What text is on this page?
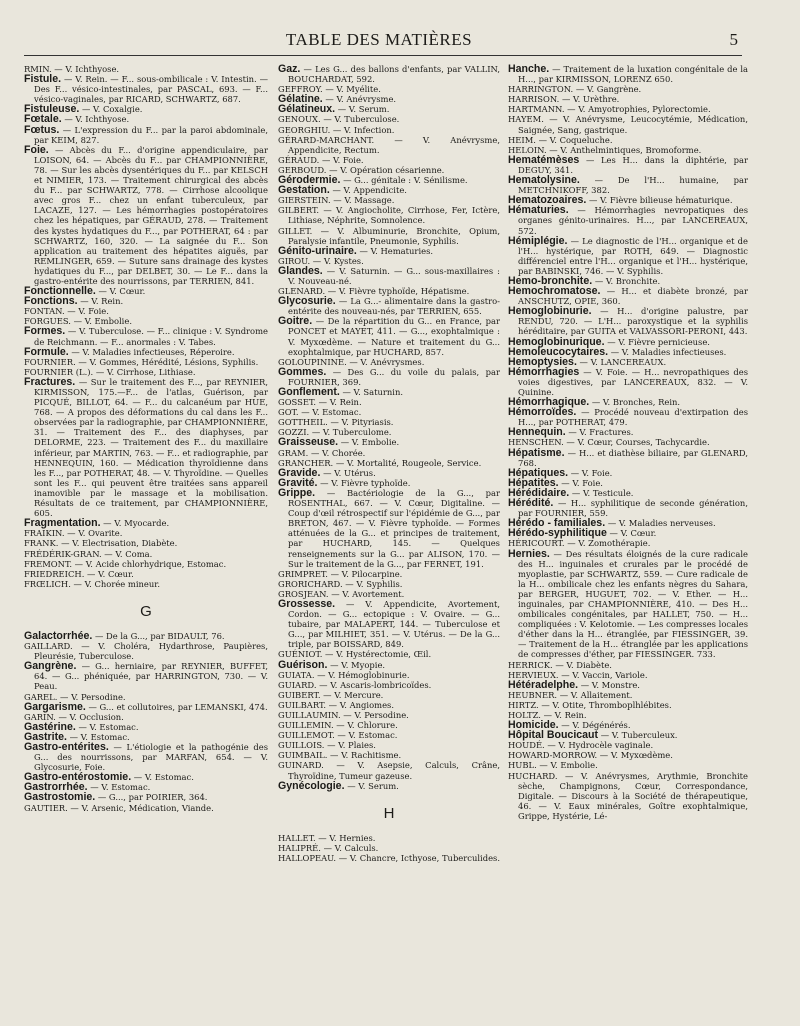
TABLE DES MATIÈRES	5

RMIN. — V. Ichthyose.

Fistule. — V. Rein. — F... sous-ombilicale : V. Intestin. — Des F... vésico-intestinales, par PASCAL, 693. — F... vésico-vaginales, par RICARD, SCHWARTZ, 687.

Fistuleuse. — V. Coxalgie.

Fœtale. — V. Ichthyose.

Fœtus. — L'expression du F... par la paroi abdominale, par KEIM, 827.

Foie. — Abcès du F... d'origine appendiculaire, par LOISON, 64. — Abcès du F... par CHAMPIONNIÈRE, 78. — Sur les abcès dysentériques du F... par KELSCH et NIMIER, 173. — Traitement chirurgical des abcès du F... par SCHWARTZ, 778. — Cirrhose alcoolique avec gros F... chez un enfant tuberculeux, par LACAZE, 127. — Les hémorrhagies postopératoires chez les hépatiques, par GÉRAUD, 278. — Traitement des kystes hydatiques du F..., par POTHERAT, 64 : par SCHWARTZ, 160, 320. — La saignée du F... Son application au traitement des hépatites aiguës, par REMLINGER, 659. — Suture sans drainage des kystes hydatiques du F..., par DELBET, 30. — Le F... dans la gastro-entérite des nourrissons, par TERRIEN, 841.

Fonctionnelle. — V. Cœur.

Fonctions. — V. Rein.

FONTAN. — V. Foie.

FORGUES. — V. Embolie.

Formes. — V. Tuberculose. — F... clinique : V. Syndrome de Reichmann. — F... anormales : V. Tabes.

Formule. — V. Maladies infectieuses, Réperoire.

FOURNIER. — V. Gommes, Hérédité, Lésions, Syphilis.

FOURNIER (L.). — V. Cirrhose, Lithiase.

Fractures. — Sur le traitement des F..., par REYNIER, KIRMISSON, 175.—F... de l'atlas, Guérison, par PICQUÉ, BILLOT, 64. — F... du calcanéum par HUE, 768. — A propos des déformations du cal dans les F... observées par la radiographie, par CHAMPIONNIÈRE, 31. — Traitement des F... des diaphyses, par DELORME, 223. — Traitement des F... du maxillaire inférieur, par MARTIN, 763. — F... et radiographie, par HENNEQUIN, 160. — Médication thyroïdienne dans les F..., par POTHERAT, 48. — V. Thyroïdine. — Quelles sont les F... qui peuvent être traitées sans appareil inamovible par le massage et la mobilisation. Résultats de ce traitement, par CHAMPIONNIÈRE, 605.

Fragmentation. — V. Myocarde.

FRAIKIN. — V. Ovarite.

FRANK. — V. Electrisation, Diabète.

FRÉDÉRIK-GRAN. — V. Coma.

FREMONT. — V. Acide chlorhydrique, Estomac.

FRIEDREICH. — V. Cœur.

FRŒLICH. — V. Chorée mineur.

G

Galactorrhée. — De la G..., par BIDAULT, 76.

GAILLARD. — V. Choléra, Hydarthrose, Paupières, Pleurésie, Tuberculose.

Gangrène. — G... herniaire, par REYNIER, BUFFET, 64. — G... phéniquée, par HARRINGTON, 730. — V. Peau.

GAREL. — V. Persodine.

Gargarisme. — G... et collutoires, par LEMANSKI, 474.

GARIN. — V. Occlusion.

Gastérine. — V. Estomac.

Gastrite. — V. Estomac.

Gastro-entérites. — L'étiologie et la pathogénie des G... des nourrissons, par MARFAN, 654. — V. Glycosurie, Foie.

Gastro-entérostomie. — V. Estomac.

Gastrorrhée. — V. Estomac.

Gastrostomie. — G..., par POIRIER, 364.

GAUTIER. — V. Arsenic, Médication, Viande.

Gaz. — Les G... des ballons d'enfants, par VALLIN, BOUCHARDAT, 592.

GEFFROY. — V. Myélite.

Gélatine. — V. Anévrysme.

Gélatineux. — V. Serum.

GENOUX. — V. Tuberculose.

GEORGHIU. — V. Infection.

GÉRARD-MARCHANT. — V. Anévrysme, Appendicite, Rectum.

GÉRAUD. — V. Foie.

GERBOUD. — V. Opération césarienne.

Gérodermie. — G... génitale : V. Sénilisme.

Gestation. — V. Appendicite.

GIERSTEIN. — V. Massage.

GILBERT. — V. Angiocholite, Cirrhose, Fer, Ictère, Lithiase, Néphrite, Somnolence.

GILLET. — V. Albuminurie, Bronchite, Opium, Paralysie infantile, Pneumonie, Syphilis.

Génito-urinaire. — V. Hematuries.

GIROU. — V. Kystes.

Glandes. — V. Saturnin. — G... sous-maxillaires : V. Nouveau-né.

GLENARD. — V. Fièvre typhoïde, Hépatisme.

Glycosurie. — La G...- alimentaire dans la gastro-entérite des nouveau-nés, par TERRIEN, 655.

Goitre. — De la répartition du G... en France, par PONCET et MAYET, 411. — G..., exophtalmique : V. Myxœdème. — Nature et traitement du G... exophtalmique, par HUCHARD, 857.

GOLOUPININE. — V. Anévrysmes.

Gommes. — Des G... du voile du palais, par FOURNIER, 369.

Gonflement. — V. Saturnin.

GOSSET. — V. Rein.

GOT. — V. Estomac.

GOTTHEIL. — V. Pityriasis.

GOZZI. — V. Tuberculome.

Graisseuse. — V. Embolie.

GRAM. — V. Chorée.

GRANCHER. — V. Mortalité, Rougeole, Service.

Gravide. — V. Utérus.

Gravité. — V. Fièvre typhoïde.

Grippe. — Bactériologie de la G..., par ROSENTHAL, 667. — V. Cœur, Digitaline. — Coup d'œil rétrospectif sur l'épidémie de G..., par BRETON, 467. — V. Fièvre typhoïde. — Formes atténuées de la G... et principes de traitement, par HUCHARD, 145. — Quelques renseignements sur la G... par ALISON, 170. — Sur le traitement de la G..., par FERNET, 191.

GRIMPRET. — V. Pilocarpine.

GRORICHARD. — V. Syphilis.

GROSJEAN. — V. Avortement.

Grossesse. — V. Appendicite, Avortement, Cordon. — G... ectopique : V. Ovaire. — G... tubaire, par MALAPERT, 144. — Tuberculose et G..., par MILHIET, 351. — V. Utérus. — De la G... triple, par BOISSARD, 849.

GUÉNIOT. — V. Hystérectomie, Œil.

Guérison. — V. Myopie.

GUIATA. — V. Hémoglobinurie.

GUIARD. — V. Ascaris-lombricoïdes.

GUIBERT. — V. Mercure.

GUILBART. — V. Angiomes.

GUILLAUMIN. — V. Persodine.

GUILLEMIN. — V. Chlorure.

GUILLEMOT. — V. Estomac.

GUILLOIS. — V. Plaies.

GUIMBAIL. — V. Rachitisme.

GUINARD. — V. Asepsie, Calculs, Crâne, Thyroïdine, Tumeur gazeuse.

Gynécologie. — V. Serum.

H

HALLET. — V. Hernies.

HALIPRÉ. — V. Calculs.

HALLOPEAU. — V. Chancre, Icthyose, Tuberculides.

Hanche. — Traitement de la luxation congénitale de la H..., par KIRMISSON, LORENZ 650.

HARRINGTON. — V. Gangrène.

HARRISON. — V. Urèthre.

HARTMANN. — V. Amyotrophies, Pylorectomie.

HAYEM. — V. Anévrysme, Leucocytémie, Médication, Saignée, Sang, gastrique.

HEIM. — V. Coqueluche.

HELOIN. — V. Anthelmintiques, Bromoforme.

Hematémèses — Les H... dans la diphtérie, par DEGUY, 341.

Hematolysine. — De l'H... humaine, par METCHNIKOFF, 382.

Hematozoaires. — V. Fièvre bilieuse hématurique.

Hématuries. — Hémorrhagies nevropatiques des organes génito-urinaires. H..., par LANCEREAUX, 572.

Hémiplégie. — Le diagnostic de l'H... organique et de l'H... hystérique, par ROTH, 649. — Diagnostic différenciel entre l'H... organique et l'H... hystérique, par BABINSKI, 746. — V. Syphilis.

Hemo-bronchite. — V. Bronchite.

Hemochromatose. — H... et diabète bronzé, par ANSCHUTZ, OPIE, 360.

Hemoglobinurie. — H... d'origine palustre, par RENDU, 720. — L'H... paroxystique et la syphilis héréditaire, par GUITA et VALVASSORI-PERONI, 443.

Hemoglobinurique. — V. Fièvre pernicieuse.

Hemoleucocytaires. — V. Maladies infectieuses.

Hemoptysies. — V. LANCEREAUX.

Hémorrhagies — V. Foie. — H... nevropathiques des voies digestives, par LANCEREAUX, 832. — V. Quinine.

Hémorrhagique. — V. Bronches, Rein.

Hémorroïdes. — Procédé nouveau d'extirpation des H..., par POTHERAT, 479.

Hennequin. — V. Fractures.

HENSCHEN. — V. Cœur, Courses, Tachycardie.

Hépatisme. — H... et diathèse biliaire, par GLENARD, 768.

Hépatiques. — V. Foie.

Hépatites. — V. Foie.

Hérédidaire. — V. Testicule.

Hérédité. — H... syphilitique de seconde génération, par FOURNIER, 559.

Hérédo - familiales. — V. Maladies nerveuses.

Hérédo-syphilitique — V. Cœur.

HÉRICOURT. — V. Zomothérapie.

Hernies. — Des résultats éloignés de la cure radicale des H... inguinales et crurales par le procédé de myoplastie, par SCHWARTZ, 559. — Cure radicale de la H... ombilicale chez les enfants nègres du Sahara, par BERGER, HUGUET, 702. — V. Ether. — H... inguinales, par CHAMPIONNIÈRE, 410. — Des H... ombilicales congénitales, par HALLET, 750. — H... compliquées : V. Kelotomie. — Les compresses locales d'éther dans la H... étranglée, par FIESSINGER, 39. — Traitement de la H... étranglée par les applications de compresses d'éther, par FIESSINGER. 733.

HERRICK. — V. Diabète.

HERVIEUX. — V. Vaccin, Variole.

Hétéradelphe. — V. Monstre.

HEUBNER. — V. Allaitement.

HIRTZ. — V. Otite, Thromboplhlébites.

HOLTZ. — V. Rein.

Homicide. — V. Dégénérés.

Hôpital Boucicaut — V. Tuberculeux.

HOUDÉ. — V. Hydrocèle vaginale.

HOWARD-MORROW. — V. Myxœdème.

HUBL. — V. Embolie.

HUCHARD. — V. Anévrysmes, Arythmie, Bronchite sèche, Champignons, Cœur, Correspondance, Digitale. — Discours à la Société de thérapeutique, 46. — V. Eaux minérales, Goître exophtalmique, Grippe, Hystérie, Lé-
